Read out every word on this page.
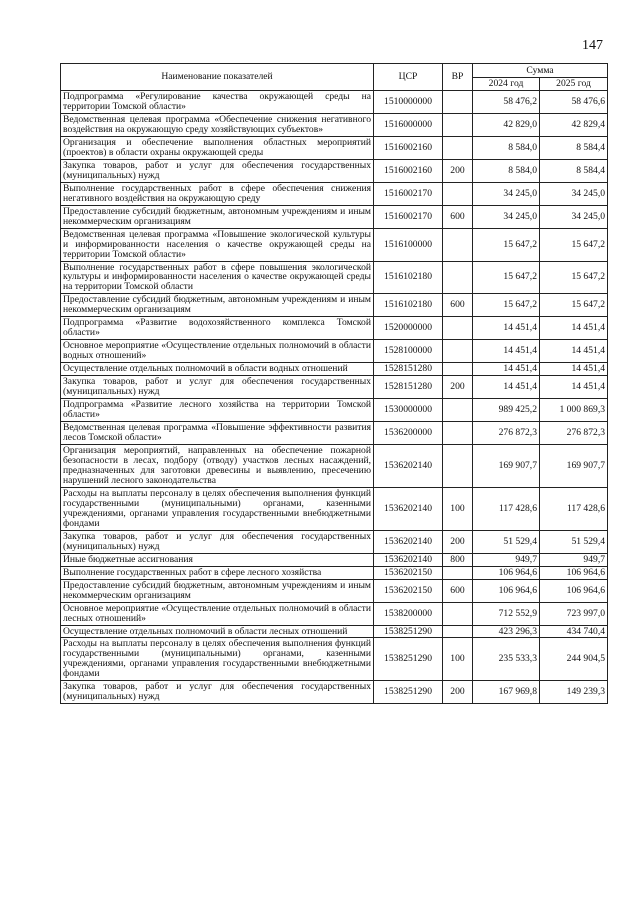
147
Наименование показателей	ЦСР	ВР	Сумма	
			2024 год	2025 год
Подпрограмма «Регулирование качества окружающей среды на территории Томской области»	1510000000		58 476,2	58 476,6
Ведомственная целевая программа «Обеспечение снижения негативного воздействия на окружающую среду хозяйствующих субъектов»	1516000000		42 829,0	42 829,4
Организация и обеспечение выполнения областных мероприятий (проектов) в области охраны окружающей среды	1516002160		8 584,0	8 584,4
Закупка товаров, работ и услуг для обеспечения государственных (муниципальных) нужд	1516002160	200	8 584,0	8 584,4
Выполнение государственных работ в сфере обеспечения снижения негативного воздействия на окружающую среду	1516002170		34 245,0	34 245,0
Предоставление субсидий бюджетным, автономным учреждениям и иным некоммерческим организациям	1516002170	600	34 245,0	34 245,0
Ведомственная целевая программа «Повышение экологической культуры и информированности населения о качестве окружающей среды на территории Томской области»	1516100000		15 647,2	15 647,2
Выполнение государственных работ в сфере повышения экологической культуры и информированности населения о качестве окружающей среды на территории Томской области	1516102180		15 647,2	15 647,2
Предоставление субсидий бюджетным, автономным учреждениям и иным некоммерческим организациям	1516102180	600	15 647,2	15 647,2
Подпрограмма «Развитие водохозяйственного комплекса Томской области»	1520000000		14 451,4	14 451,4
Основное мероприятие «Осуществление отдельных полномочий в области водных отношений»	1528100000		14 451,4	14 451,4
Осуществление отдельных полномочий в области водных отношений	1528151280		14 451,4	14 451,4
Закупка товаров, работ и услуг для обеспечения государственных (муниципальных) нужд	1528151280	200	14 451,4	14 451,4
Подпрограмма «Развитие лесного хозяйства на территории Томской области»	1530000000		989 425,2	1 000 869,3
Ведомственная целевая программа «Повышение эффективности развития лесов Томской области»	1536200000		276 872,3	276 872,3
Организация мероприятий, направленных на обеспечение пожарной безопасности в лесах, подбору (отводу) участков лесных насаждений, предназначенных для заготовки древесины и выявлению, пресечению нарушений лесного законодательства	1536202140		169 907,7	169 907,7
Расходы на выплаты персоналу в целях обеспечения выполнения функций государственными (муниципальными) органами, казенными учреждениями, органами управления государственными внебюджетными фондами	1536202140	100	117 428,6	117 428,6
Закупка товаров, работ и услуг для обеспечения государственных (муниципальных) нужд	1536202140	200	51 529,4	51 529,4
Иные бюджетные ассигнования	1536202140	800	949,7	949,7
Выполнение государственных работ в сфере лесного хозяйства	1536202150		106 964,6	106 964,6
Предоставление субсидий бюджетным, автономным учреждениям и иным некоммерческим организациям	1536202150	600	106 964,6	106 964,6
Основное мероприятие «Осуществление отдельных полномочий в области лесных отношений»	1538200000		712 552,9	723 997,0
Осуществление отдельных полномочий в области лесных отношений	1538251290		423 296,3	434 740,4
Расходы на выплаты персоналу в целях обеспечения выполнения функций государственными (муниципальными) органами, казенными учреждениями, органами управления государственными внебюджетными фондами	1538251290	100	235 533,3	244 904,5
Закупка товаров, работ и услуг для обеспечения государственных (муниципальных) нужд	1538251290	200	167 969,8	149 239,3
